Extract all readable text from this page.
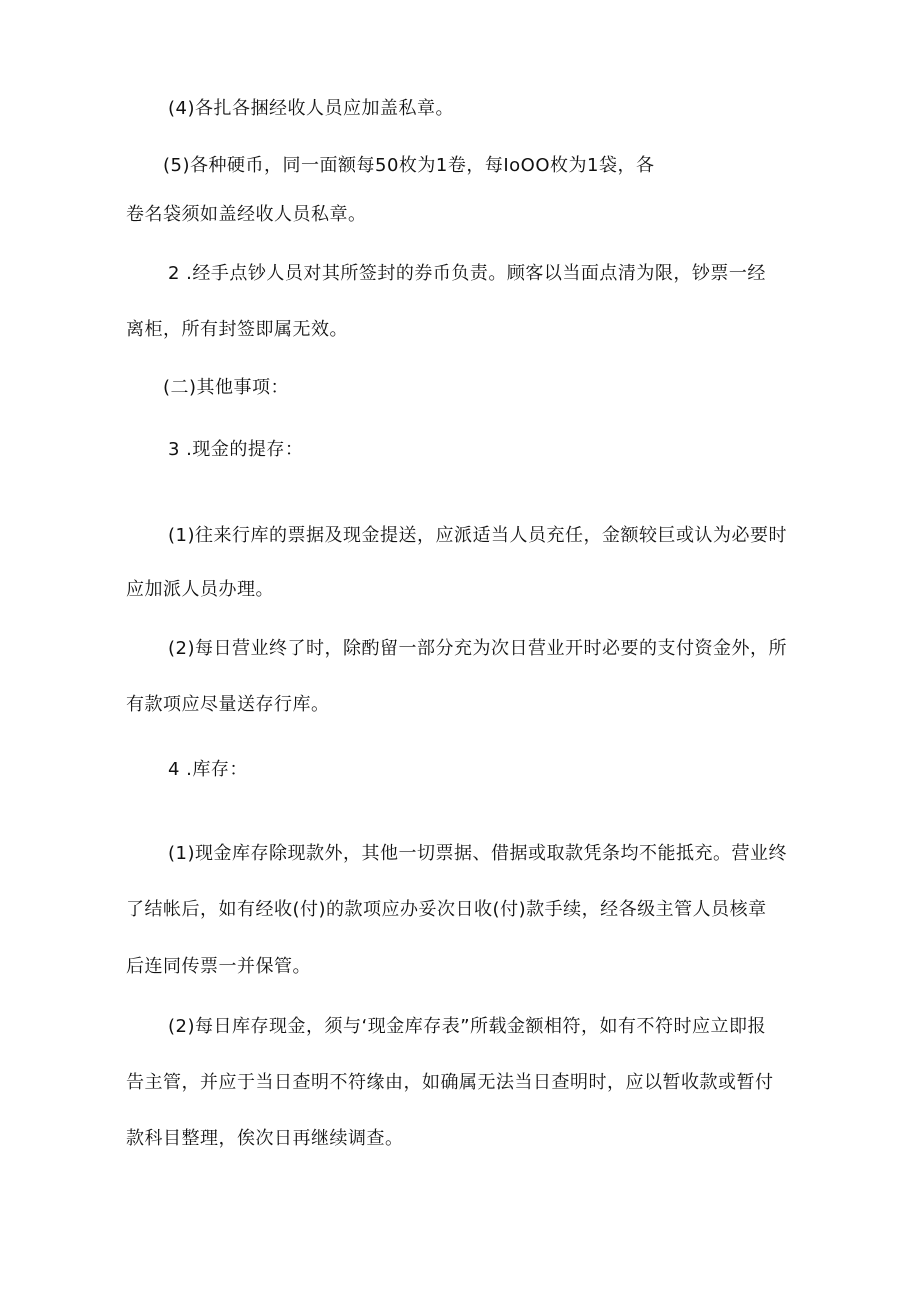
(4)各扎各捆经收人员应加盖私章。

(5)各种硬币，同一面额每50枚为1卷，每IoOO枚为1袋，各

卷名袋须如盖经收人员私章。

2 .经手点钞人员对其所签封的券币负责。顾客以当面点清为限，钞票一经

离柜，所有封签即属无效。

(二)其他事项：

3 .现金的提存：

(1)往来行库的票据及现金提送，应派适当人员充任，金额较巨或认为必要时

应加派人员办理。

(2)每日营业终了时，除酌留一部分充为次日营业开时必要的支付资金外，所

有款项应尽量送存行库。

4 .库存：

(1)现金库存除现款外，其他一切票据、借据或取款凭条均不能抵充。营业终

了结帐后，如有经收(付)的款项应办妥次日收(付)款手续，经各级主管人员核章

后连同传票一并保管。

(2)每日库存现金，须与‘现金库存表”所载金额相符，如有不符时应立即报

告主管，并应于当日查明不符缘由，如确属无法当日查明时，应以暂收款或暂付

款科目整理，俟次日再继续调查。
